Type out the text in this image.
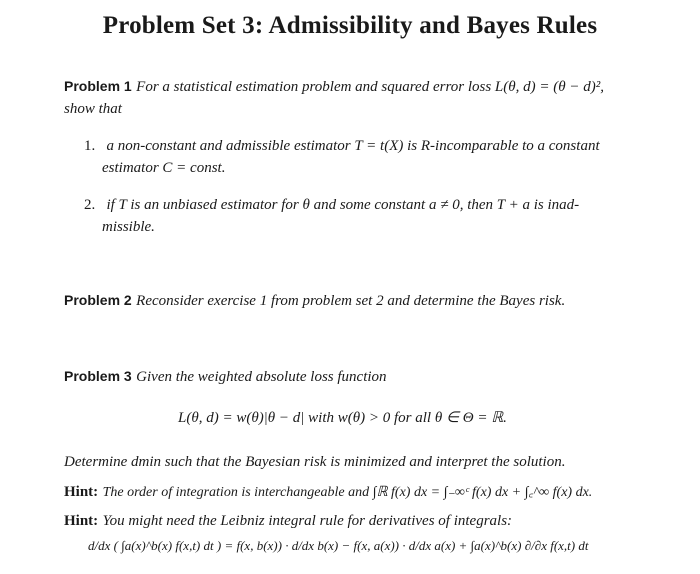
Problem Set 3: Admissibility and Bayes Rules
Problem 1 For a statistical estimation problem and squared error loss L(θ, d) = (θ − d)²,
show that
1. a non-constant and admissible estimator T = t(X) is R-incomparable to a constant
estimator C = const.
2. if T is an unbiased estimator for θ and some constant a ≠ 0, then T + a is inad-
missible.
Problem 2 Reconsider exercise 1 from problem set 2 and determine the Bayes risk.
Problem 3 Given the weighted absolute loss function
L(θ, d) = w(θ)|θ − d| with w(θ) > 0 for all θ ∈ Θ = ℝ.
Determine dmin such that the Bayesian risk is minimized and interpret the solution.
Hint: The order of integration is interchangeable and ∫ℝ f(x) dx = ∫₋∞ᶜ f(x) dx + ∫꜀^∞ f(x) dx.
Hint: You might need the Leibniz integral rule for derivatives of integrals:
d/dx ( ∫a(x)^b(x) f(x,t) dt ) = f(x, b(x)) · d/dx b(x) − f(x, a(x)) · d/dx a(x) + ∫a(x)^b(x) ∂/∂x f(x,t) dt
